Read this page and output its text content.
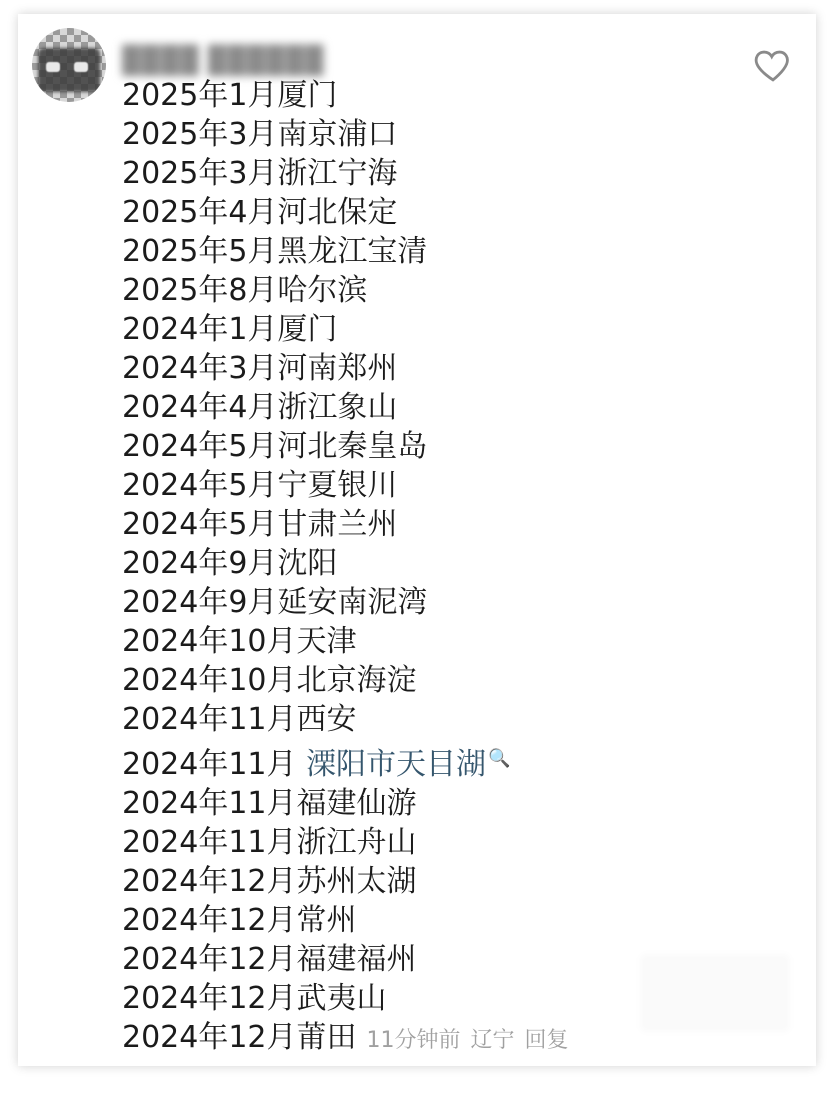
████ ██████
2025年1月厦门
2025年3月南京浦口
2025年3月浙江宁海
2025年4月河北保定
2025年5月黑龙江宝清
2025年8月哈尔滨
2024年1月厦门
2024年3月河南郑州
2024年4月浙江象山
2024年5月河北秦皇岛
2024年5月宁夏银川
2024年5月甘肃兰州
2024年9月沈阳
2024年9月延安南泥湾
2024年10月天津
2024年10月北京海淀
2024年11月西安
2024年11月 溧阳市天目湖 🔍
2024年11月福建仙游
2024年11月浙江舟山
2024年12月苏州太湖
2024年12月常州
2024年12月福建福州
2024年12月武夷山
2024年12月莆田 11分钟前 辽宁 回复
